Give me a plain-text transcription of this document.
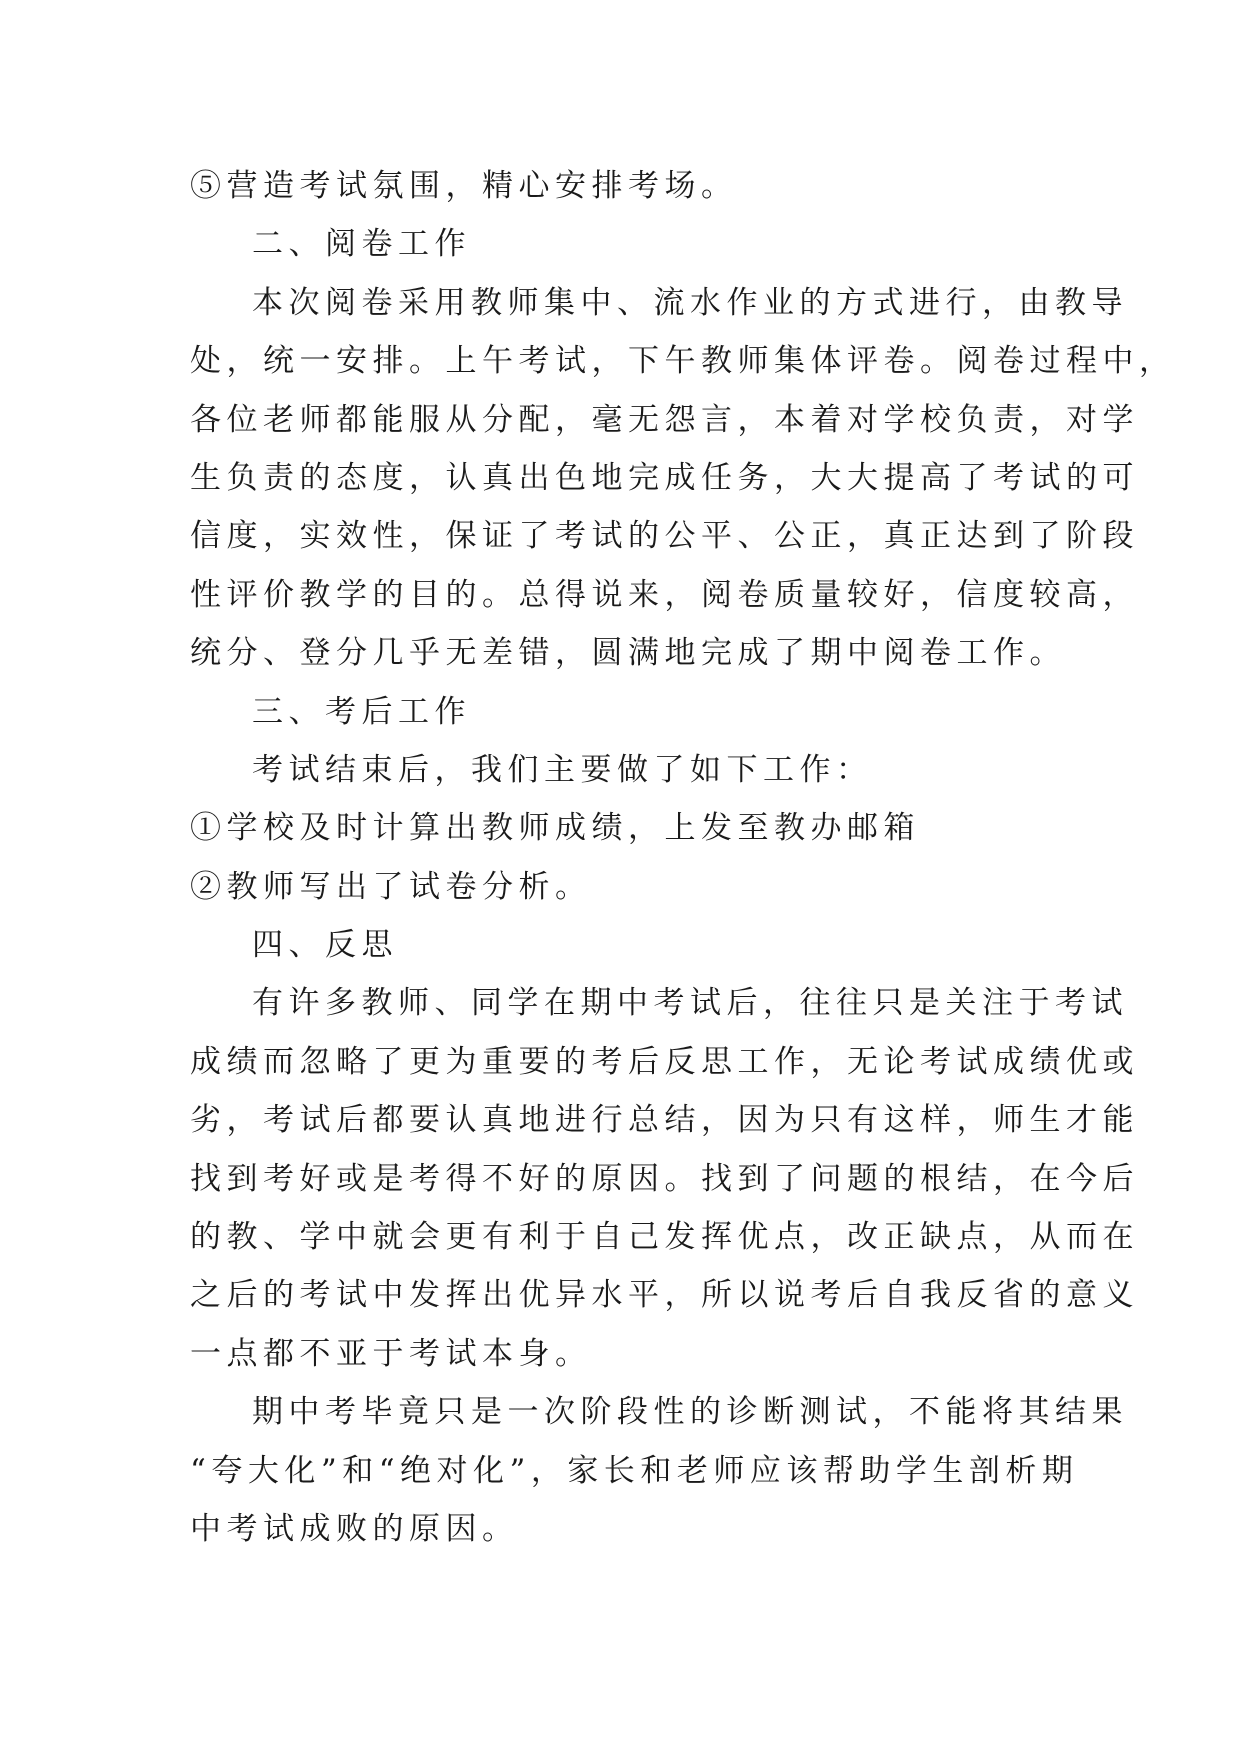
⑤营造考试氛围，精心安排考场。
二、阅卷工作
本次阅卷采用教师集中、流水作业的方式进行，由教导
处，统一安排。上午考试，下午教师集体评卷。阅卷过程中，
各位老师都能服从分配，毫无怨言，本着对学校负责，对学
生负责的态度，认真出色地完成任务，大大提高了考试的可
信度，实效性，保证了考试的公平、公正，真正达到了阶段
性评价教学的目的。总得说来，阅卷质量较好，信度较高，
统分、登分几乎无差错，圆满地完成了期中阅卷工作。
三、考后工作
考试结束后，我们主要做了如下工作：
①学校及时计算出教师成绩，上发至教办邮箱
②教师写出了试卷分析。
四、反思
有许多教师、同学在期中考试后，往往只是关注于考试
成绩而忽略了更为重要的考后反思工作，无论考试成绩优或
劣，考试后都要认真地进行总结，因为只有这样，师生才能
找到考好或是考得不好的原因。找到了问题的根结，在今后
的教、学中就会更有利于自己发挥优点，改正缺点，从而在
之后的考试中发挥出优异水平，所以说考后自我反省的意义
一点都不亚于考试本身。
期中考毕竟只是一次阶段性的诊断测试，不能将其结果
“夸大化”和“绝对化”，家长和老师应该帮助学生剖析期
中考试成败的原因。
